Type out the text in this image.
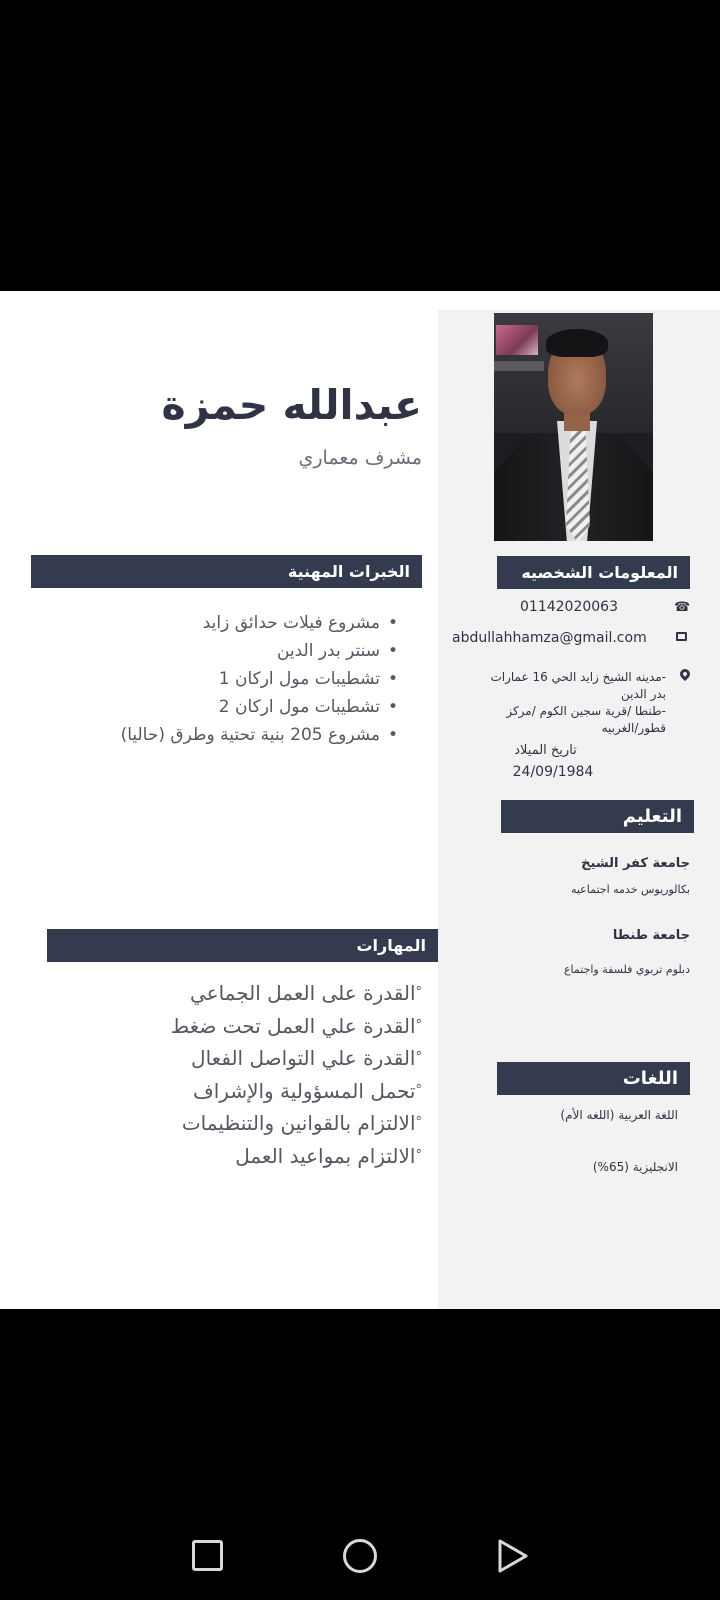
عبدالله حمزة
مشرف معماري
الخبرات المهنية
• مشروع فيلات حدائق زايد
• سنتر بدر الدين
• تشطيبات مول اركان 1
• تشطيبات مول اركان 2
• مشروع 205 بنية تحتية وطرق (حاليا)
المهارات
°القدرة على العمل الجماعي
°القدرة علي العمل تحت ضغط
°القدرة علي التواصل الفعال
°تحمل المسؤولية والإشراف
°الالتزام بالقوانين والتنظيمات
°الالتزام بمواعيد العمل
المعلومات الشخصيه
☎
01142020063
abdullahhamza@gmail.com
-مدينه الشيخ زايد الحي 16 عمارات
بدر الدين
-طنطا /قرية سجين الكوم /مركز
قطور/الغربيه
تاريخ الميلاد
24/09/1984
التعليم
جامعة كفر الشيخ
بكالوريوس خدمه اجتماعيه
جامعة طنطا
دبلوم تربوي فلسفة واجتماع
اللغات
اللغة العربية (اللغه الأم)
الانجليزية (65%)
